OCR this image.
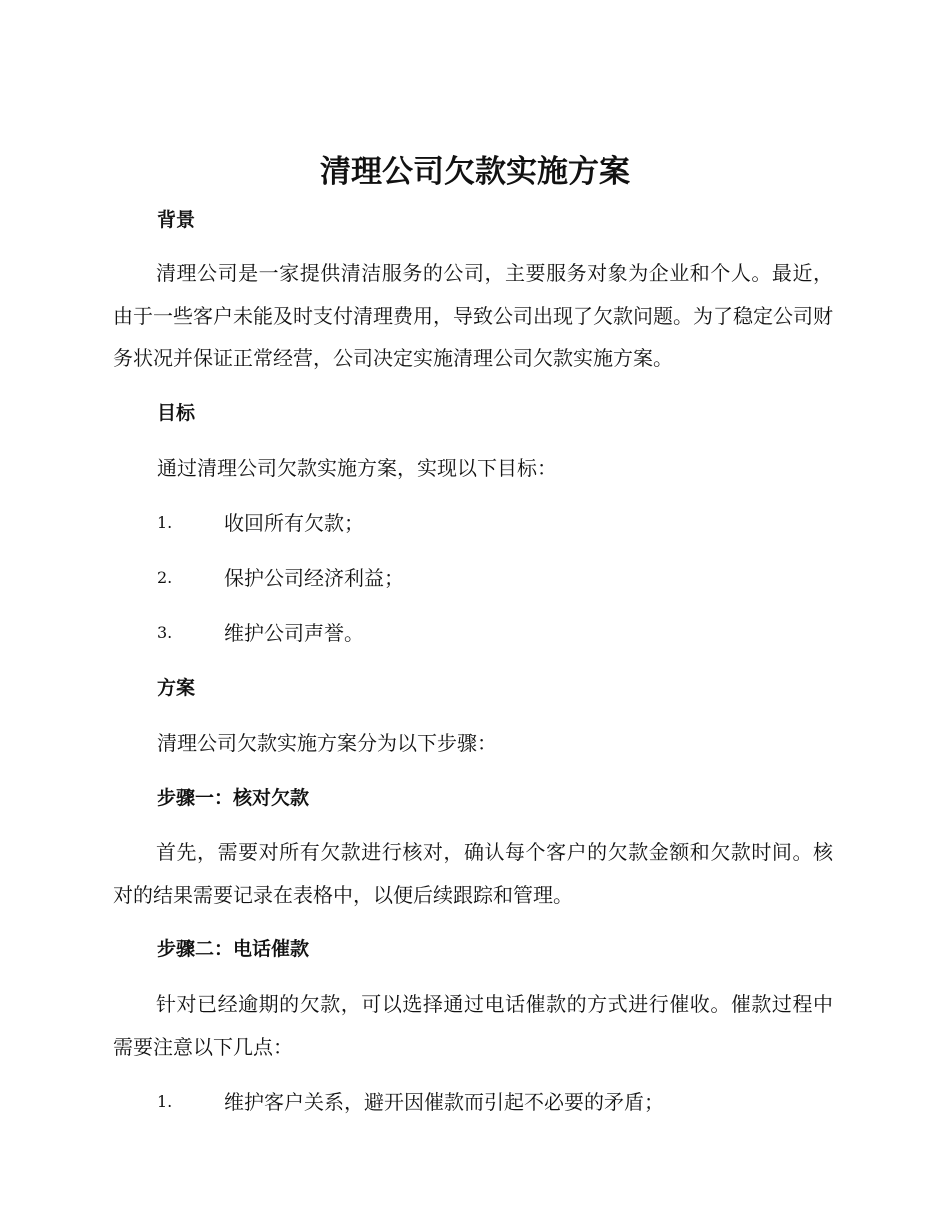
清理公司欠款实施方案
背景

清理公司是一家提供清洁服务的公司，主要服务对象为企业和个人。最近，由于一些客户未能及时支付清理费用，导致公司出现了欠款问题。为了稳定公司财务状况并保证正常经营，公司决定实施清理公司欠款实施方案。

目标

通过清理公司欠款实施方案，实现以下目标：

1.	收回所有欠款；
2.	保护公司经济利益；
3.	维护公司声誉。
方案

清理公司欠款实施方案分为以下步骤：

步骤一：核对欠款

首先，需要对所有欠款进行核对，确认每个客户的欠款金额和欠款时间。核对的结果需要记录在表格中，以便后续跟踪和管理。

步骤二：电话催款

针对已经逾期的欠款，可以选择通过电话催款的方式进行催收。催款过程中需要注意以下几点：

1.	维护客户关系，避开因催款而引起不必要的矛盾；
